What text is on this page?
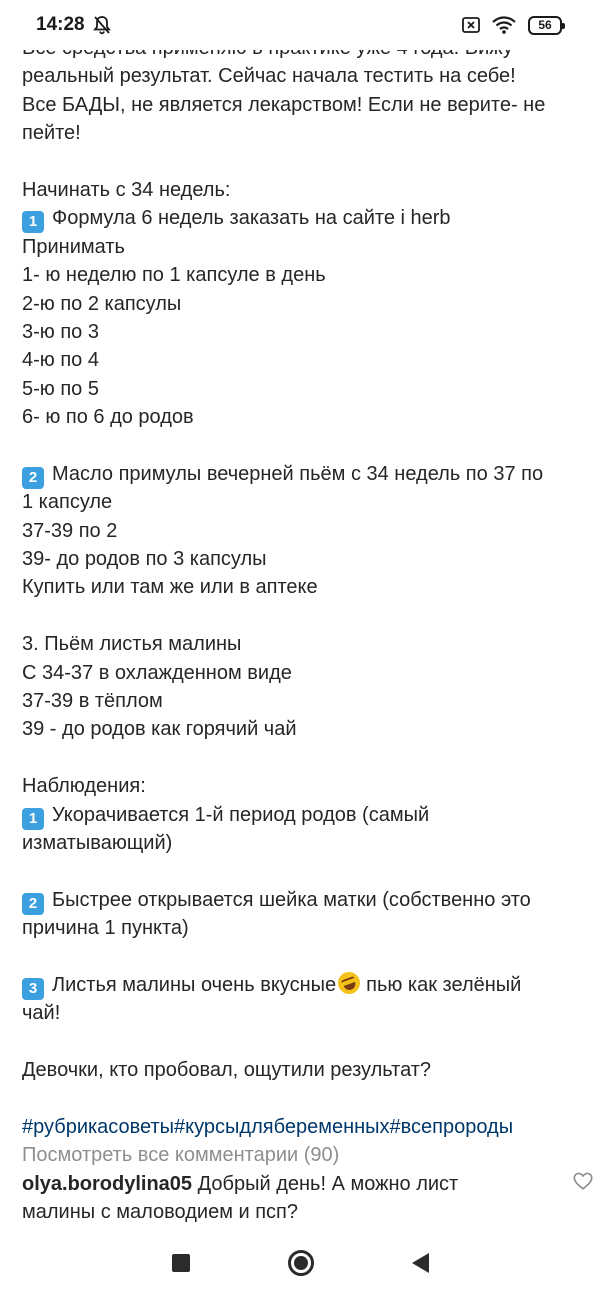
реальный результат. Сейчас начала тестить на себе!
Все БАДЫ, не является лекарством! Если не верите- не
пейте!
Начинать с 34 недель:
1 Формула 6 недель заказать на сайте i herb
Принимать
1- ю неделю по 1 капсуле в день
2-ю по 2 капсулы
3-ю по 3
4-ю по 4
5-ю по 5
6- ю по 6 до родов
2 Масло примулы вечерней пьём с 34 недель по 37 по
1 капсуле
37-39 по 2
39- до родов по 3 капсулы
Купить или там же или в аптеке
3. Пьём листья малины
С 34-37 в охлажденном виде
37-39 в тёплом
39 - до родов как горячий чай
Наблюдения:
1 Укорачивается 1-й период родов (самый
изматывающий)
2 Быстрее открывается шейка матки (собственно это
причина 1 пункта)
3 Листья малины очень вкусные пью как зелёный
чай!
Девочки, кто пробовал, ощутили результат?
#рубрикасоветы#курсыдлябеременных#всепророды
Посмотреть все комментарии (90)
olya.borodylina05 Добрый день! А можно лист
малины с маловодием и псп?
14:28	56
